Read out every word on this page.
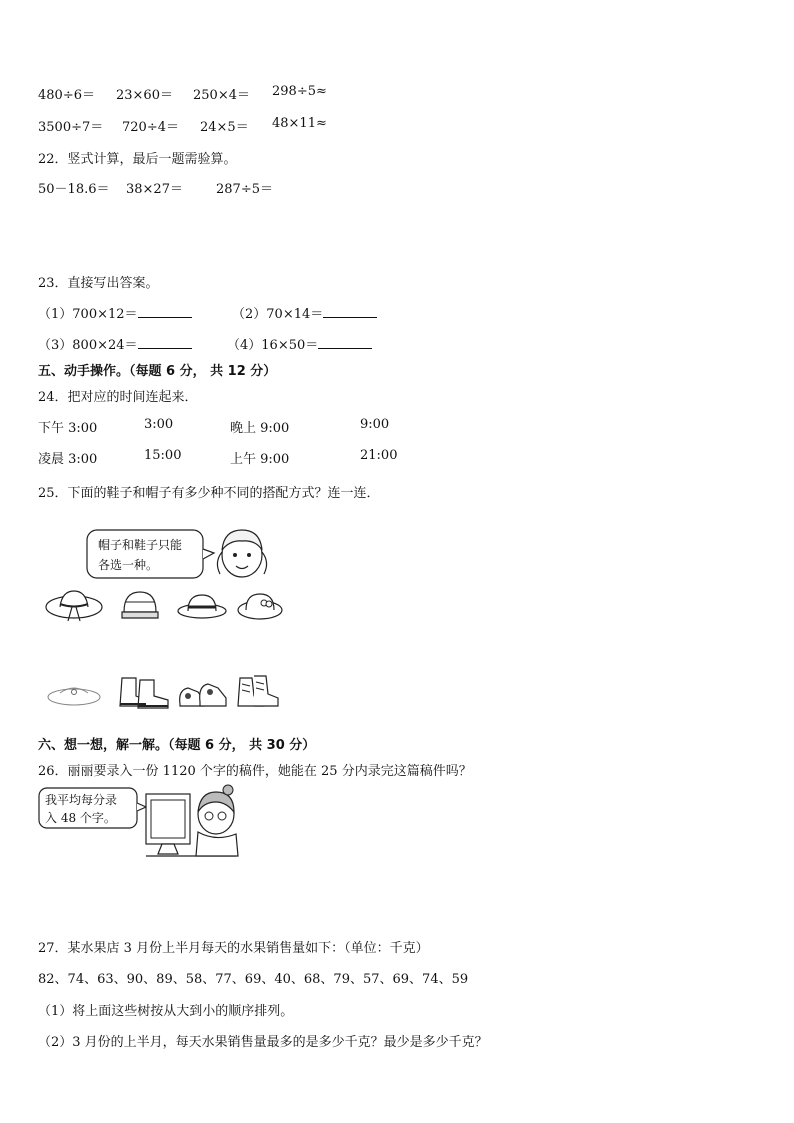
480÷6＝ 23×60＝ 250×4＝ 298÷5≈
3500÷7＝ 720÷4＝ 24×5＝ 48×11≈
22．竖式计算，最后一题需验算。
50－18.6＝ 38×27＝	287÷5＝
23．直接写出答案。
（1）700×12＝	（2）70×14＝
（3）800×24＝	（4）16×50＝
五、动手操作。（每题 6 分， 共 12 分）
24．把对应的时间连起来．
下午 3:00	3:00	晚上 9:00	9:00
凌晨 3:00	15:00	上午 9:00	21:00
25．下面的鞋子和帽子有多少种不同的搭配方式？连一连．
帽子和鞋子只能
各选一种。
六、想一想，解一解。（每题 6 分， 共 30 分）
26．丽丽要录入一份 1120 个字的稿件，她能在 25 分内录完这篇稿件吗？
我平均每分录
入 48 个字。
27．某水果店 3 月份上半月每天的水果销售量如下：（单位：千克）
82、74、63、90、89、58、77、69、40、68、79、57、69、74、59
（1）将上面这些树按从大到小的顺序排列。
（2）3 月份的上半月，每天水果销售量最多的是多少千克？最少是多少千克？
